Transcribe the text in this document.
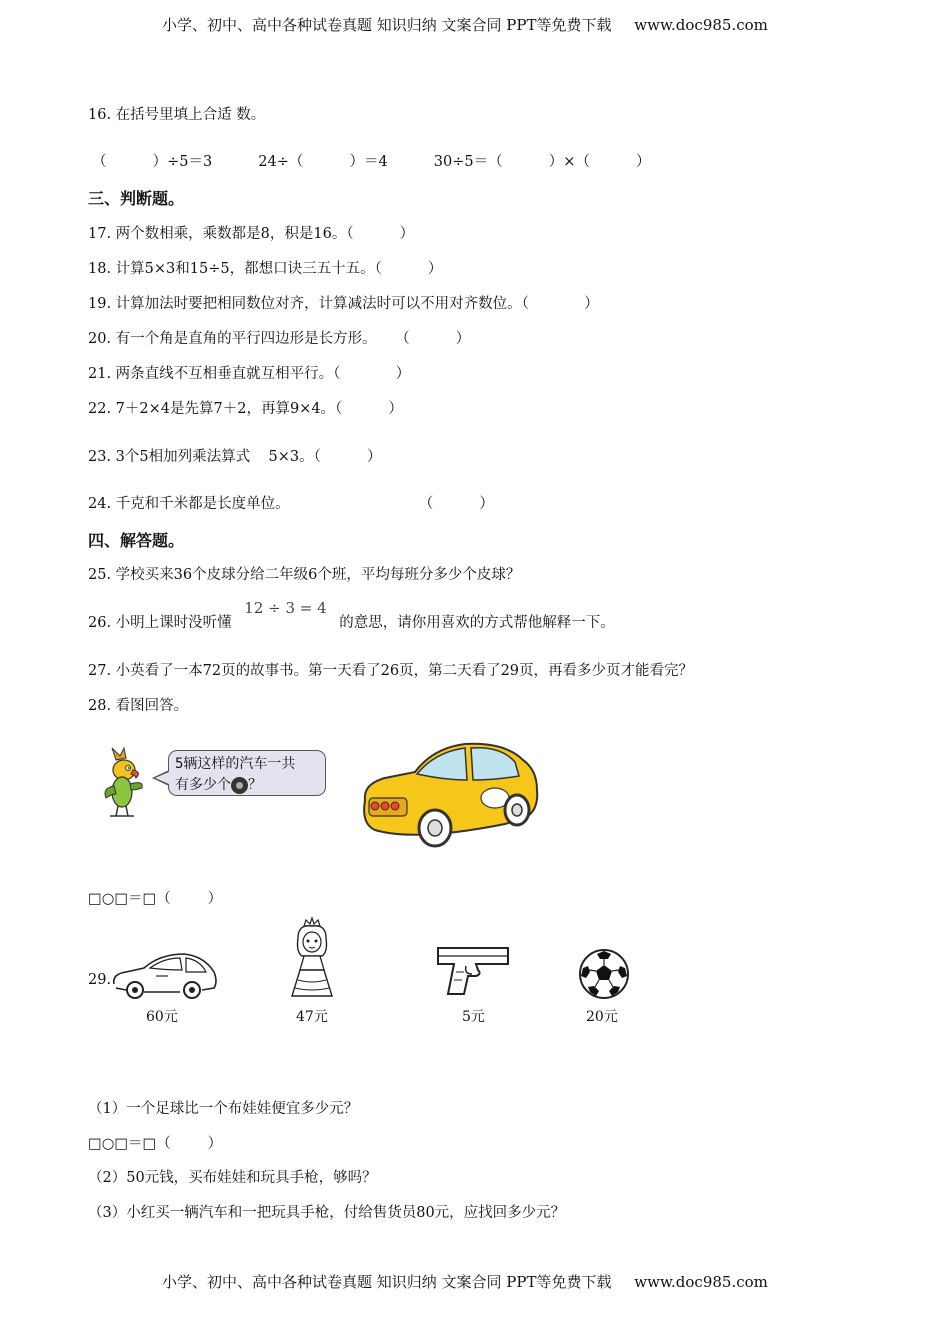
小学、初中、高中各种试卷真题 知识归纳 文案合同 PPT等免费下载 www.doc985.com
16. 在括号里填上合适 数。
（          ）÷5＝3          24÷（          ）＝4          30÷5＝（          ）×（          ）
三、判断题。
17. 两个数相乘，乘数都是8，积是16。（          ）
18. 计算5×3和15÷5，都想口诀三五十五。（          ）
19. 计算加法时要把相同数位对齐，计算减法时可以不用对齐数位。（            ）
20. 有一个角是直角的平行四边形是长方形。    （          ）
21. 两条直线不互相垂直就互相平行。（            ）
22. 7＋2×4是先算7＋2，再算9×4。（          ）
23. 3个5相加列乘法算式    5×3。（          ）
24. 千克和千米都是长度单位。                            （          ）
四、解答题。
25. 学校买来36个皮球分给二年级6个班，平均每班分多少个皮球？
26. 小明上课时没听懂 12 ÷ 3 = 4 的意思，请你用喜欢的方式帮他解释一下。
27. 小英看了一本72页的故事书。第一天看了26页，第二天看了29页，再看多少页才能看完？
28. 看图回答。
5辆这样的汽车一共
有多少个 ？
□○□＝□（        ）
29.
60元	47元	5元	20元
（1）一个足球比一个布娃娃便宜多少元？
□○□＝□（        ）
（2）50元钱，买布娃娃和玩具手枪，够吗？
（3）小红买一辆汽车和一把玩具手枪，付给售货员80元，应找回多少元？
小学、初中、高中各种试卷真题 知识归纳 文案合同 PPT等免费下载 www.doc985.com
